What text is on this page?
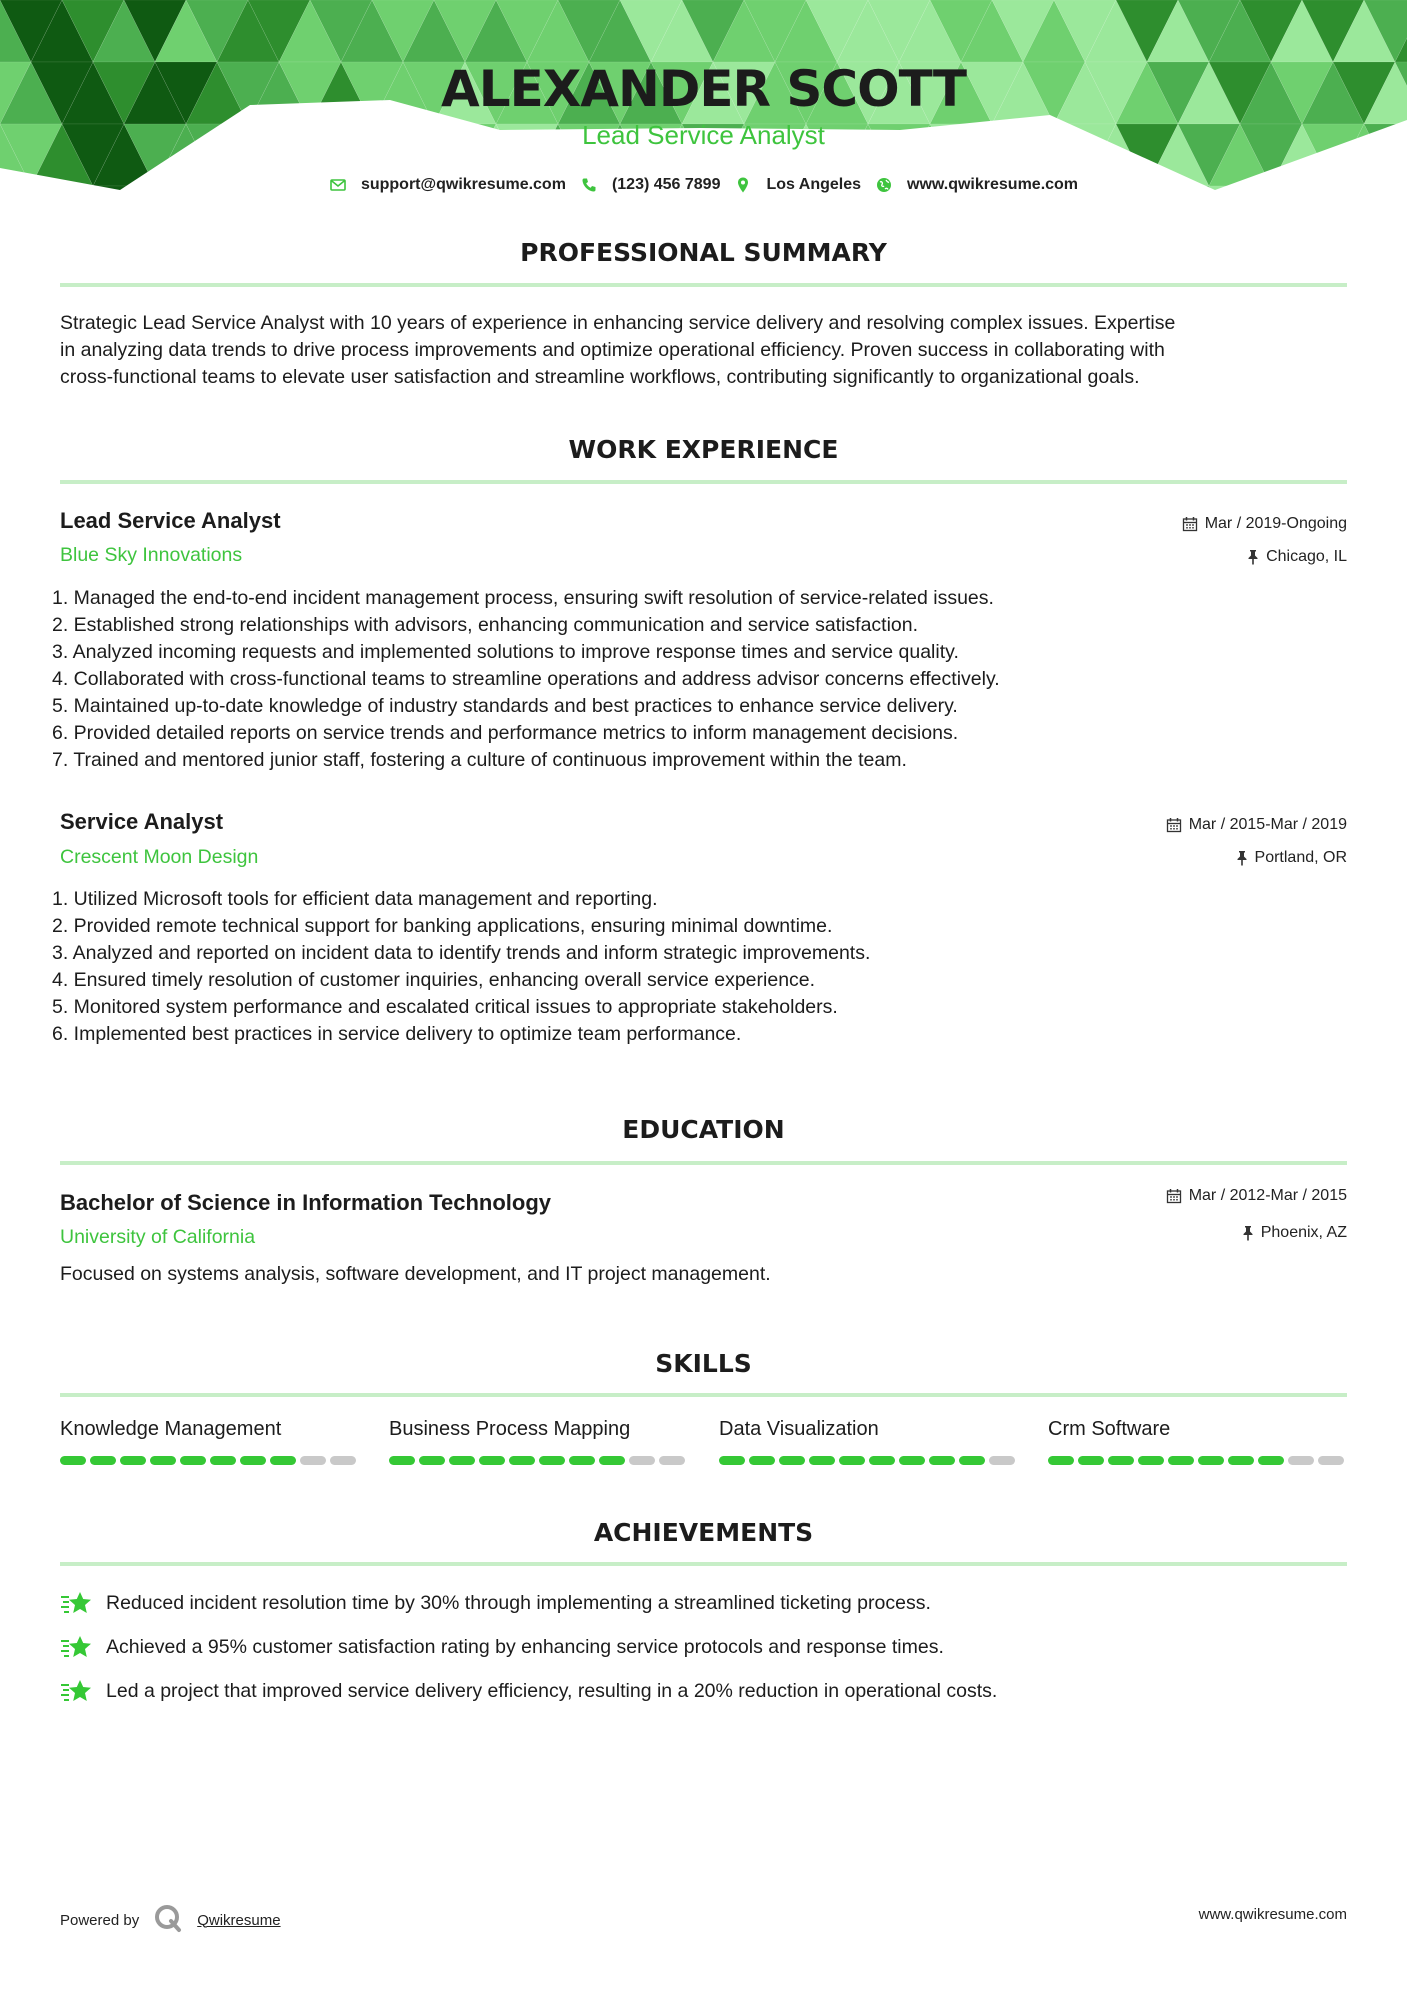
ALEXANDER SCOTT
Lead Service Analyst
support@qwikresume.com	(123) 456 7899	Los Angeles	www.qwikresume.com
PROFESSIONAL SUMMARY
Strategic Lead Service Analyst with 10 years of experience in enhancing service delivery and resolving complex issues. Expertise
in analyzing data trends to drive process improvements and optimize operational efficiency. Proven success in collaborating with
cross-functional teams to elevate user satisfaction and streamline workflows, contributing significantly to organizational goals.
WORK EXPERIENCE
Lead Service Analyst
Blue Sky Innovations
Mar / 2019-Ongoing
Chicago, IL
1. Managed the end-to-end incident management process, ensuring swift resolution of service-related issues.
2. Established strong relationships with advisors, enhancing communication and service satisfaction.
3. Analyzed incoming requests and implemented solutions to improve response times and service quality.
4. Collaborated with cross-functional teams to streamline operations and address advisor concerns effectively.
5. Maintained up-to-date knowledge of industry standards and best practices to enhance service delivery.
6. Provided detailed reports on service trends and performance metrics to inform management decisions.
7. Trained and mentored junior staff, fostering a culture of continuous improvement within the team.
Service Analyst
Crescent Moon Design
Mar / 2015-Mar / 2019
Portland, OR
1. Utilized Microsoft tools for efficient data management and reporting.
2. Provided remote technical support for banking applications, ensuring minimal downtime.
3. Analyzed and reported on incident data to identify trends and inform strategic improvements.
4. Ensured timely resolution of customer inquiries, enhancing overall service experience.
5. Monitored system performance and escalated critical issues to appropriate stakeholders.
6. Implemented best practices in service delivery to optimize team performance.
EDUCATION
Bachelor of Science in Information Technology
University of California
Mar / 2012-Mar / 2015
Phoenix, AZ
Focused on systems analysis, software development, and IT project management.
SKILLS
Knowledge Management	Business Process Mapping	Data Visualization	Crm Software
ACHIEVEMENTS
Reduced incident resolution time by 30% through implementing a streamlined ticketing process.
Achieved a 95% customer satisfaction rating by enhancing service protocols and response times.
Led a project that improved service delivery efficiency, resulting in a 20% reduction in operational costs.
Powered by	Qwikresume	www.qwikresume.com
